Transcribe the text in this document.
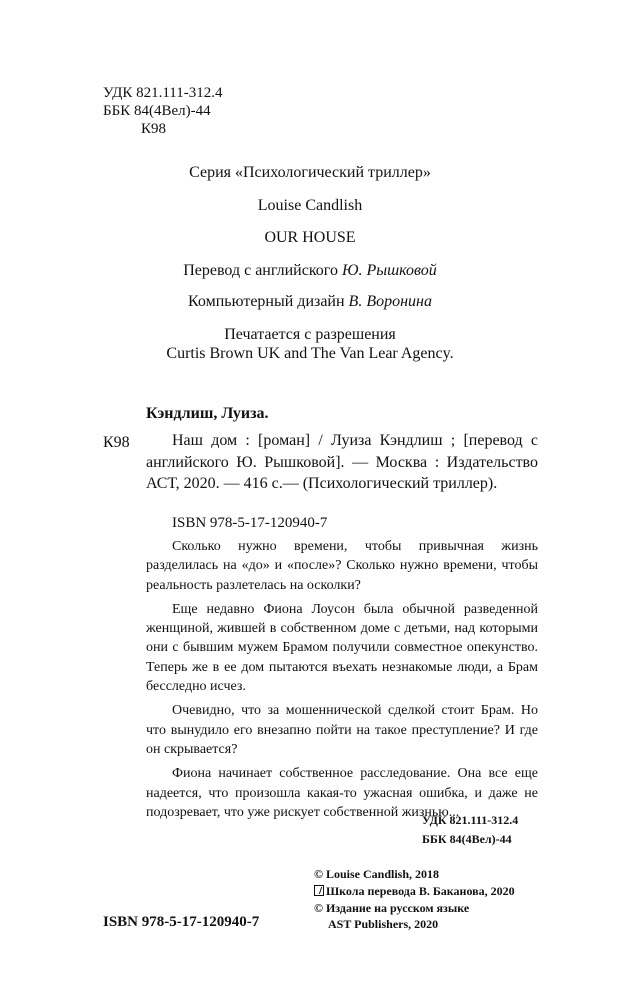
УДК 821.111-312.4
ББК 84(4Вел)-44
К98
Серия «Психологический триллер»
Louise Candlish
OUR HOUSE
Перевод с английского Ю. Рышковой
Компьютерный дизайн В. Воронина
Печатается с разрешения
Curtis Brown UK and The Van Lear Agency.
Кэндлиш, Луиза.
К98	Наш дом : [роман] / Луиза Кэндлиш ; [перевод с английского Ю. Рышковой]. — Москва : Издательство АСТ, 2020. — 416 с.— (Психологический триллер).
ISBN 978-5-17-120940-7

Сколько нужно времени, чтобы привычная жизнь разделилась на «до» и «после»? Сколько нужно времени, чтобы реальность разлетелась на осколки?

Еще недавно Фиона Лоусон была обычной разведенной женщиной, жившей в собственном доме с детьми, над которыми они с бывшим мужем Брамом получили совместное опекунство. Теперь же в ее дом пытаются въехать незнакомые люди, а Брам бесследно исчез.

Очевидно, что за мошеннической сделкой стоит Брам. Но что вынудило его внезапно пойти на такое преступление? И где он скрывается?

Фиона начинает собственное расследование. Она все еще надеется, что произошла какая-то ужасная ошибка, и даже не подозревает, что уже рискует собственной жизнью...

УДК 821.111-312.4
ББК 84(4Вел)-44
© Louise Candlish, 2018
Школа перевода В. Баканова, 2020
© Издание на русском языке
AST Publishers, 2020
ISBN 978-5-17-120940-7
